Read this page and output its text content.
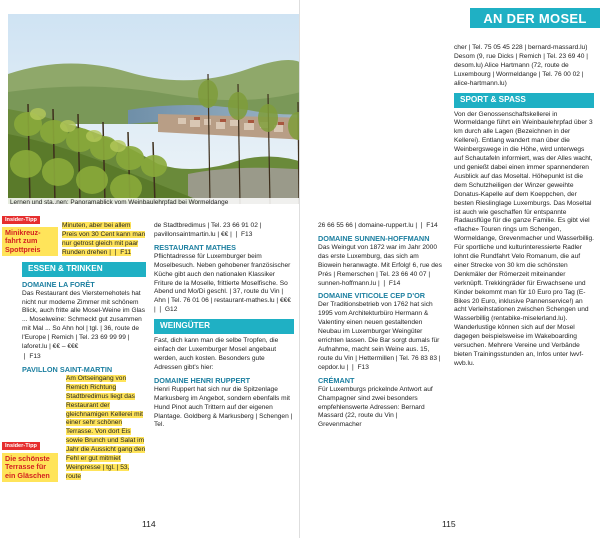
Lernen und sta..nen: Panoramablick vom Weinbaulehrpfad bei Wormeldange
Insider-Tipp
Minikreuz-fahrt zum Spottpreis
Insider-Tipp
Die schönste Terrasse für ein Gläschen

Minuten, aber bei allem Preis von 30 Cent kann man nur getrost gleich mit paar Runden drehen | ❘ F11

ESSEN & TRINKEN
DOMAINE LA FORÊT

Das Restaurant des Viersternehotels hat nicht nur moderne Zimmer mit schönem Blick, auch fritte alle Mosel-Weine im Glas ... Moselweine: Schmeckt gut zusammen mit Mal ... So Ahn hol | tgl. | 36, route de l'Europe | Remich | Tel. 23 69 99 99 | laforet.lu | €€ – €€€

❘ F13

PAVILLON SAINT-MARTIN

Am Ortseingang von Remich Richtung Stadtbredimus liegt das Restaurant der gleichnamigen Kellerei mit einer sehr schönen Terrasse. Von dort Eis sowie Brunch und Salat im Jahr die Aussicht gang den Fehl er gut mitmiet Weinpresse | tgl. | 53, route

de Stadtbredimus | Tel. 23 66 91 02 | pavillonsaintmartin.lu | €€ | ❘ F13

RESTAURANT MATHES

Pflichtadresse für Luxemburger beim Moselbesuch. Neben gehobener französischer Küche gibt auch den nationalen Klassiker Friture de la Moselle, frittierte Moselfische. So Abend und Mo/Di geschl. | 37, route du Vin | Ahn | Tel. 76 01 06 | restaurant-mathes.lu | €€€ | ❘ G12

WEINGÜTER

Fast, dich kann man die selbe Tropfen, die einfach der Luxemburger Mosel angebaut werden, auch kosten. Besonders gute Adressen gibt's hier:

DOMAINE HENRI RUPPERT

Henri Ruppert hat sich nur die Spitzenlage Markusberg im Angebot, sondern ebenfalls mit Hund Pinot auch Trittern auf der eigenen Plantage. Goldberg & Markusberg | Schengen | Tel.

114

26 66 55 66 | domaine-ruppert.lu | ❘ F14

DOMAINE SUNNEN-HOFFMANN

Das Weingut von 1872 war im Jahr 2000 das erste Luxemburg, das sich am Biowein heranwagte. Mit Erfolg! 6, rue des Prés | Remerschen | Tel. 23 66 40 07 | sunnen-hoffmann.lu | ❘ F14

DOMAINE VITICOLE CEP D'OR

Der Traditionsbetrieb von 1762 hat sich 1995 vom Architekturbüro Hermann & Valentiny einen neuen gestaltenden Neubau im Luxemburger Weingüter errichten lassen. Die Bar sorgt dumals für Aufnahme, macht sein Weine aus. 15, route du Vin | Hettermillen | Tel. 76 83 83 | cepdor.lu | ❘ F13

CRÉMANT

Für Luxemburgs prickelnde Antwort auf Champagner sind zwei besonders empfehlenswerte Adressen: Bernard Massard (22, route du Vin | Grevenmacher

cher | Tel. 75 05 45 228 | bernard-massard.lu) Desom (9, rue Dicks | Remich | Tel. 23 69 40 | desom.lu) Alice Hartmann (72, route de Luxembourg | Wormeldange | Tel. 76 00 02 | alice-hartmann.lu)

SPORT & SPASS

Von der Genossenschaftskellerei in Wormeldange führt ein Weinbaulehrpfad über 3 km durch alle Lagen (Bezeichnen in der Kellerei). Entlang wandert man über die Weinbergswege in die Höhe, wird unterwegs auf Schautafeln informiert, was der Alles wacht, und genießt dabei einen immer spannenderen Ausblick auf das Moseltal. Höhepunkt ist die dem Schutzheiligen der Winzer geweihte Donatus-Kapelle auf dem Koeppchen, der besten Rieslinglage Luxemburgs. Das Moseltal ist auch wie geschaffen für entspannte Radausflüge für die ganze Familie. Es gibt viel «flache» Touren rings um Schengen, Wormeldange, Grevenmacher und Wasserbillig. Für sportliche und kulturinteressierte Radler lohnt die Rundfahrt Velo Romanum, die auf einer Strecke von 30 km die schönsten Denkmäler der Römerzeit miteinander verknüpft. Trekkingräder für Erwachsene und Kinder bekommt man für 10 Euro pro Tag (E-Bikes 20 Euro, inklusive Pannenservice!) an acht Verleihstationen zwischen Schengen und Wasserbillig (rentabike-miselerland.lu). Wanderlustige können sich auf der Mosel dagegen beispielsweise im Wakeboarding versuchen. Mehrere Vereine und Verbände bieten Trainingsstunden an, Infos unter lwvf-wvb.lu.

115
AN DER MOSEL
